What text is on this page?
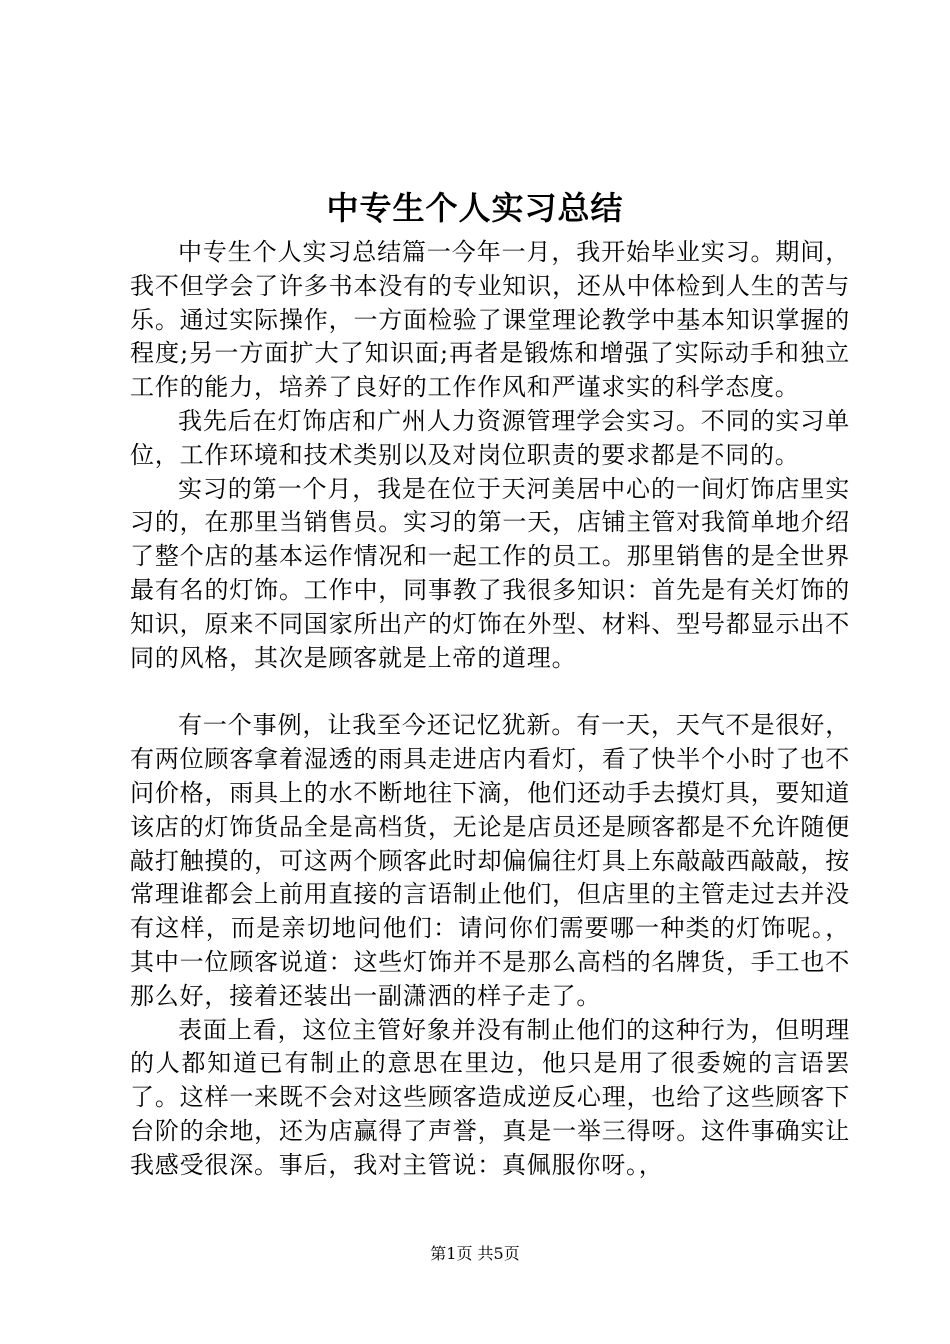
中专生个人实习总结

中专生个人实习总结篇一今年一月，我开始毕业实习。期间，我不但学会了许多书本没有的专业知识，还从中体检到人生的苦与乐。通过实际操作，一方面检验了课堂理论教学中基本知识掌握的程度;另一方面扩大了知识面;再者是锻炼和增强了实际动手和独立工作的能力，培养了良好的工作作风和严谨求实的科学态度。

我先后在灯饰店和广州人力资源管理学会实习。不同的实习单位，工作环境和技术类别以及对岗位职责的要求都是不同的。

实习的第一个月，我是在位于天河美居中心的一间灯饰店里实习的，在那里当销售员。实习的第一天，店铺主管对我简单地介绍了整个店的基本运作情况和一起工作的员工。那里销售的是全世界最有名的灯饰。工作中，同事教了我很多知识：首先是有关灯饰的知识，原来不同国家所出产的灯饰在外型、材料、型号都显示出不同的风格，其次是顾客就是上帝的道理。

有一个事例，让我至今还记忆犹新。有一天，天气不是很好，有两位顾客拿着湿透的雨具走进店内看灯，看了快半个小时了也不问价格，雨具上的水不断地往下滴，他们还动手去摸灯具，要知道该店的灯饰货品全是高档货，无论是店员还是顾客都是不允许随便敲打触摸的，可这两个顾客此时却偏偏往灯具上东敲敲西敲敲，按常理谁都会上前用直接的言语制止他们，但店里的主管走过去并没有这样，而是亲切地问他们：请问你们需要哪一种类的灯饰呢。，其中一位顾客说道：这些灯饰并不是那么高档的名牌货，手工也不那么好，接着还装出一副潇洒的样子走了。

表面上看，这位主管好象并没有制止他们的这种行为，但明理的人都知道已有制止的意思在里边，他只是用了很委婉的言语罢了。这样一来既不会对这些顾客造成逆反心理，也给了这些顾客下台阶的余地，还为店赢得了声誉，真是一举三得呀。这件事确实让我感受很深。事后，我对主管说：真佩服你呀。，

第1页 共5页
